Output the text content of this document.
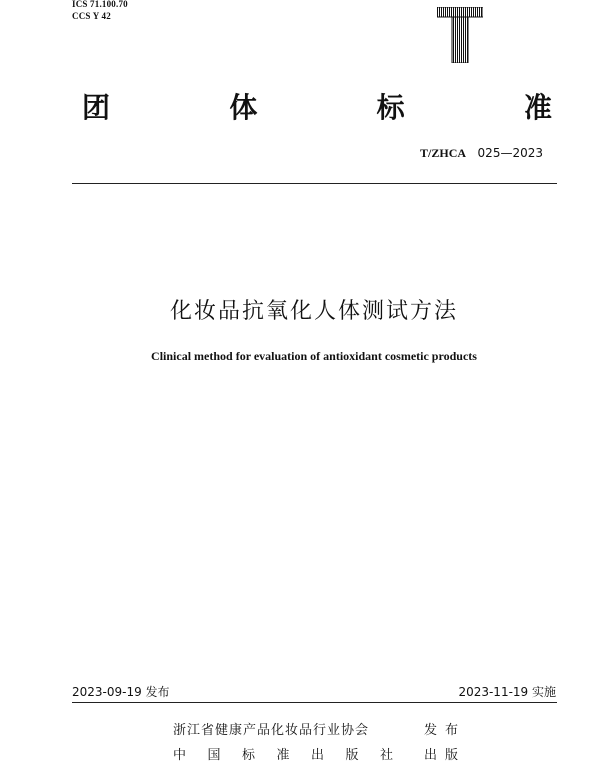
ICS 71.100.70
CCS Y 42
团	体	标	准
T/ZHCA 025—2023
化妆品抗氧化人体测试方法
Clinical method for evaluation of antioxidant cosmetic products
2023-09-19 发布	2023-11-19 实施
浙江省健康产品化妆品行业协会	发 布
中 国 标 准 出 版 社 出版
